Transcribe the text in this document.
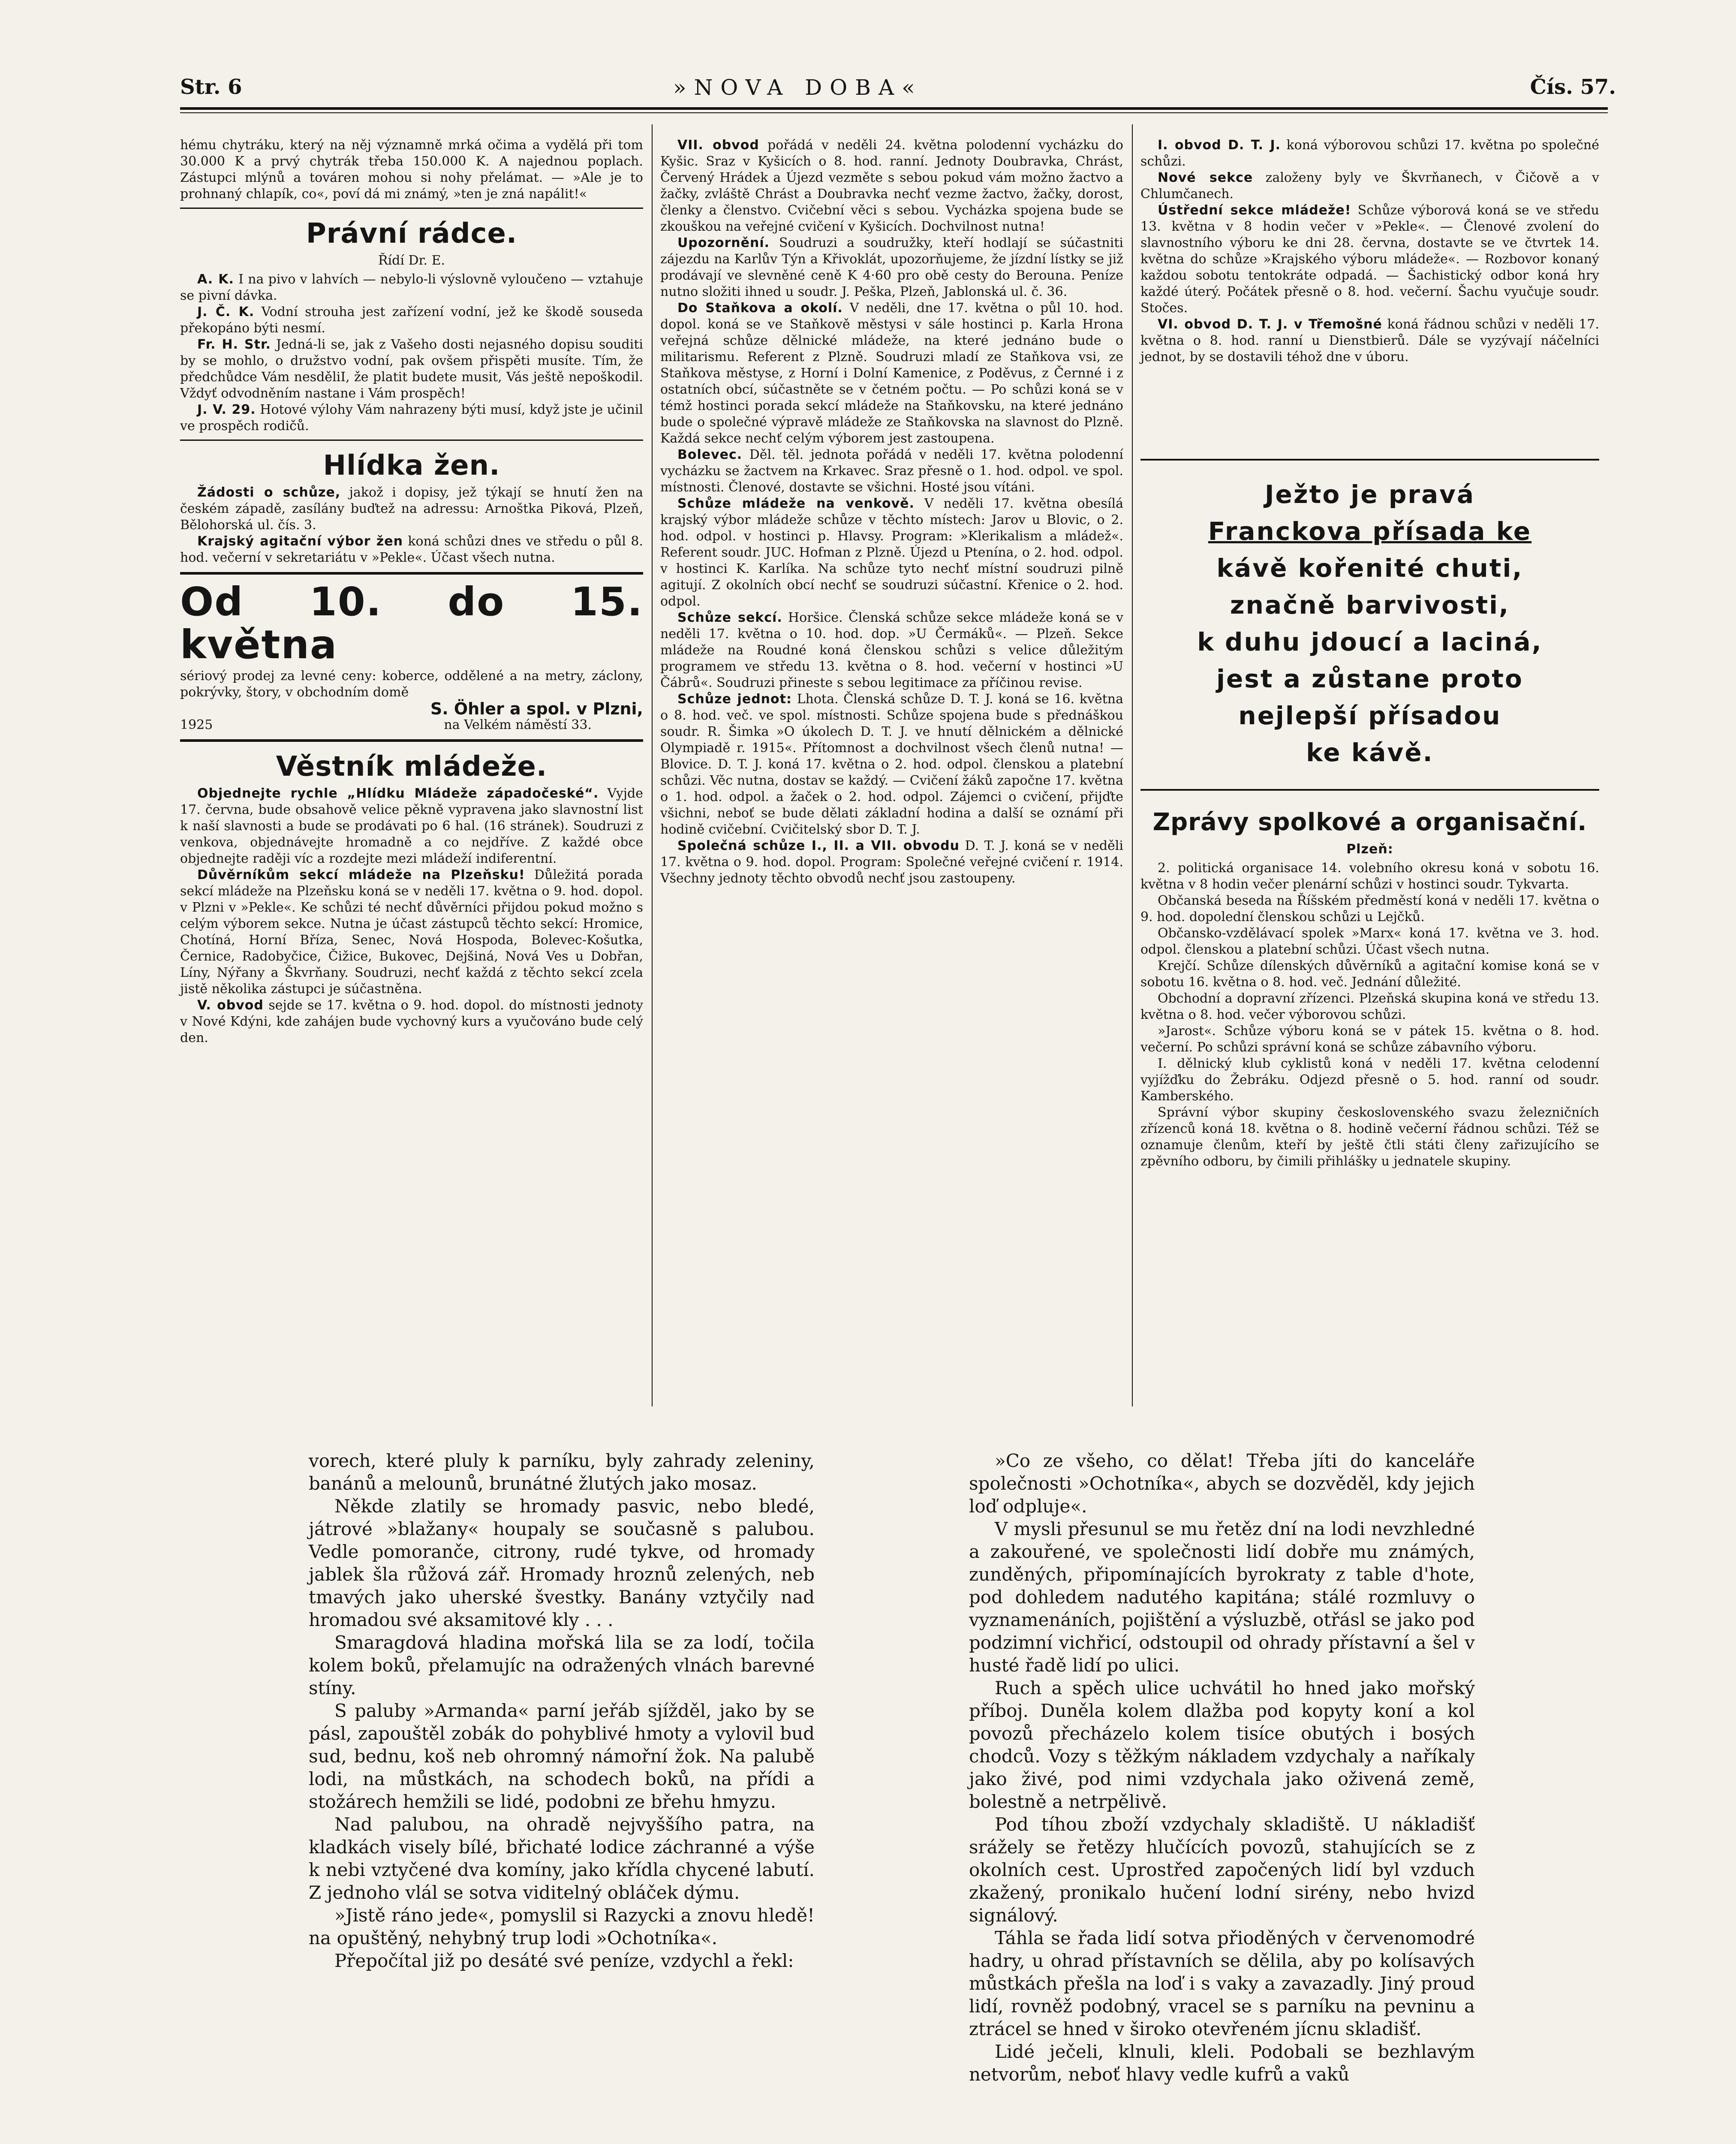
Str. 6	»NOVA DOBA«	Čís. 57.

hému chytráku, který na něj významně mrká očima a vydělá při tom 30.000 K a prvý chytrák třeba 150.000 K. A najednou poplach. Zástupci mlýnů a továren mohou si nohy přelámat. — »Ale je to prohnaný chlapík, co«, poví dá mi známý, »ten je zná napálit!«

Právní rádce.
Řídí Dr. E.

A. K. I na pivo v lahvích — nebylo-li výslovně vyloučeno — vztahuje se pivní dávka.

J. Č. K. Vodní strouha jest zařízení vodní, jež ke škodě souseda překopáno býti nesmí.

Fr. H. Str. Jedná-li se, jak z Vašeho dosti nejasného dopisu souditi by se mohlo, o družstvo vodní, pak ovšem přispěti musíte. Tím, že předchůdce Vám nesděliI, že platit budete musit, Vás ještě nepoškodil. Vždyť odvodněním nastane i Vám prospěch!

J. V. 29. Hotové výlohy Vám nahrazeny býti musí, když jste je učinil ve prospěch rodičů.

Hlídka žen.

Žádosti o schůze, jakož i dopisy, jež týkají se hnutí žen na českém západě, zasílány buďtež na adressu: Arnoštka Piková, Plzeň, Bělohorská ul. čís. 3.

Krajský agitační výbor žen koná schůzi dnes ve středu o půl 8. hod. večerní v sekretariátu v »Pekle«. Účast všech nutna.

Od 10. do 15. května

sériový prodej za levné ceny: koberce, oddělené a na metry, záclony, pokrývky, štory, v obchodním domě

S. Öhler a spol. v Plzni,
1925	na Velkém náměstí 33.
Věstník mládeže.

Objednejte rychle „Hlídku Mládeže západočeské“. Vyjde 17. června, bude obsahově velice pěkně vypravena jako slavnostní list k naší slavnosti a bude se prodávati po 6 hal. (16 stránek). Soudruzi z venkova, objednávejte hromadně a co nejdříve. Z každé obce objednejte raději víc a rozdejte mezi mládeží indiferentní.

Důvěrníkům sekcí mládeže na Plzeňsku! Důležitá porada sekcí mládeže na Plzeňsku koná se v neděli 17. května o 9. hod. dopol. v Plzni v »Pekle«. Ke schůzi té nechť důvěrníci přijdou pokud možno s celým výborem sekce. Nutna je účast zástupců těchto sekcí: Hromice, Chotíná, Horní Bříza, Senec, Nová Hospoda, Bolevec-Košutka, Černice, Radobyčice, Čižice, Bukovec, Dejšiná, Nová Ves u Dobřan, Líny, Nýřany a Škvrňany. Soudruzi, nechť každá z těchto sekcí zcela jistě několika zástupci je súčastněna.

V. obvod sejde se 17. května o 9. hod. dopol. do místnosti jednoty v Nové Kdýni, kde zahájen bude vychovný kurs a vyučováno bude celý den.

VII. obvod pořádá v neděli 24. května polodenní vycházku do Kyšic. Sraz v Kyšicích o 8. hod. ranní. Jednoty Doubravka, Chrást, Červený Hrádek a Újezd vezměte s sebou pokud vám možno žactvo a žačky, zvláště Chrást a Doubravka nechť vezme žactvo, žačky, dorost, členky a členstvo. Cvičební věci s sebou. Vycházka spojena bude se zkouškou na veřejné cvičení v Kyšicích. Dochvilnost nutna!

Upozornění. Soudruzi a soudružky, kteří hodlají se súčastniti zájezdu na Karlův Týn a Křivoklát, upozorňujeme, že jízdní lístky se již prodávají ve slevněné ceně K 4·60 pro obě cesty do Berouna. Peníze nutno složiti ihned u soudr. J. Peška, Plzeň, Jablonská ul. č. 36.

Do Staňkova a okolí. V neděli, dne 17. května o půl 10. hod. dopol. koná se ve Staňkově městysi v sále hostinci p. Karla Hrona veřejná schůze dělnické mládeže, na které jednáno bude o militarismu. Referent z Plzně. Soudruzi mladí ze Staňkova vsi, ze Staňkova městyse, z Horní i Dolní Kamenice, z Poděvus, z Černné i z ostatních obcí, súčastněte se v četném počtu. — Po schůzi koná se v témž hostinci porada sekcí mládeže na Staňkovsku, na které jednáno bude o společné výpravě mládeže ze Staňkovska na slavnost do Plzně. Každá sekce nechť celým výborem jest zastoupena.

Bolevec. Děl. těl. jednota pořádá v neděli 17. května polodenní vycházku se žactvem na Krkavec. Sraz přesně o 1. hod. odpol. ve spol. místnosti. Členové, dostavte se všichni. Hosté jsou vítáni.

Schůze mládeže na venkově. V neděli 17. května obesílá krajský výbor mládeže schůze v těchto místech: Jarov u Blovic, o 2. hod. odpol. v hostinci p. Hlavsy. Program: »Klerikalism a mládež«. Referent soudr. JUC. Hofman z Plzně. Újezd u Ptenína, o 2. hod. odpol. v hostinci K. Karlíka. Na schůze tyto nechť místní soudruzi pilně agitují. Z okolních obcí nechť se soudruzi súčastní. Křenice o 2. hod. odpol.

Schůze sekcí. Horšice. Členská schůze sekce mládeže koná se v neděli 17. května o 10. hod. dop. »U Čermáků«. — Plzeň. Sekce mládeže na Roudné koná členskou schůzi s velice důležitým programem ve středu 13. května o 8. hod. večerní v hostinci »U Čábrů«. Soudruzi přineste s sebou legitimace za příčinou revise.

Schůze jednot: Lhota. Členská schůze D. T. J. koná se 16. května o 8. hod. več. ve spol. místnosti. Schůze spojena bude s přednáškou soudr. R. Šimka »O úkolech D. T. J. ve hnutí dělnickém a dělnické Olympiadě r. 1915«. Přítomnost a dochvilnost všech členů nutna! — Blovice. D. T. J. koná 17. května o 2. hod. odpol. členskou a platební schůzi. Věc nutna, dostav se každý. — Cvičení žáků započne 17. května o 1. hod. odpol. a žaček o 2. hod. odpol. Zájemci o cvičení, přijďte všichni, neboť se bude dělati základní hodina a další se oznámí při hodině cvičební. Cvičitelský sbor D. T. J.

Společná schůze I., II. a VII. obvodu D. T. J. koná se v neděli 17. května o 9. hod. dopol. Program: Společné veřejné cvičení r. 1914. Všechny jednoty těchto obvodů nechť jsou zastoupeny.

I. obvod D. T. J. koná výborovou schůzi 17. května po společné schůzi.

Nové sekce založeny byly ve Škvrňanech, v Čičově a v Chlumčanech.

Ústřední sekce mládeže! Schůze výborová koná se ve středu 13. května v 8 hodin večer v »Pekle«. — Členové zvolení do slavnostního výboru ke dni 28. června, dostavte se ve čtvrtek 14. května do schůze »Krajského výboru mládeže«. — Rozbovor konaný každou sobotu tentokráte odpadá. — Šachistický odbor koná hry každé úterý. Počátek přesně o 8. hod. večerní. Šachu vyučuje soudr. Stočes.

VI. obvod D. T. J. v Třemošné koná řádnou schůzi v neděli 17. května o 8. hod. ranní u Dienstbierů. Dále se vyzývají náčelníci jednot, by se dostavili téhož dne v úboru.

Ježto je pravá
Franckova přísada ke
kávě kořenité chuti,
značně barvivosti,
k duhu jdoucí a laciná,
jest a zůstane proto
nejlepší přísadou
ke kávě.
Zprávy spolkové a organisační.
Plzeň:

2. politická organisace 14. volebního okresu koná v sobotu 16. května v 8 hodin večer plenární schůzi v hostinci soudr. Tykvarta.

Občanská beseda na Říšském předměstí koná v neděli 17. května o 9. hod. dopolední členskou schůzi u Lejčků.

Občansko-vzdělávací spolek »Marx« koná 17. května ve 3. hod. odpol. členskou a platební schůzi. Účast všech nutna.

Krejčí. Schůze dílenských důvěrníků a agitační komise koná se v sobotu 16. května o 8. hod. več. Jednání důležité.

Obchodní a dopravní zřízenci. Plzeňská skupina koná ve středu 13. května o 8. hod. večer výborovou schůzi.

»Jarost«. Schůze výboru koná se v pátek 15. května o 8. hod. večerní. Po schůzi správní koná se schůze zábavního výboru.

I. dělnický klub cyklistů koná v neděli 17. května celodenní vyjížďku do Žebráku. Odjezd přesně o 5. hod. ranní od soudr. Kamberského.

Správní výbor skupiny československého svazu železničních zřízenců koná 18. května o 8. hodině večerní řádnou schůzi. Též se oznamuje členům, kteří by ještě čtli státi členy zařizujícího se zpěvního odboru, by čimili přihlášky u jednatele skupiny.

vorech, které pluly k parníku, byly zahrady zeleniny, banánů a melounů, brunátné žlutých jako mosaz.

Někde zlatily se hromady pasvic, nebo bledé, játrové »blažany« houpaly se současně s palubou. Vedle pomoranče, citrony, rudé tykve, od hromady jablek šla růžová zář. Hromady hroznů zelených, neb tmavých jako uherské švestky. Banány vztyčily nad hromadou své aksamitové kly . . .

Smaragdová hladina mořská lila se za lodí, točila kolem boků, přelamujíc na odražených vlnách barevné stíny.

S paluby »Armanda« parní jeřáb sjížděl, jako by se pásl, zapouštěl zobák do pohyblivé hmoty a vylovil bud sud, bednu, koš neb ohromný námořní žok. Na palubě lodi, na můstkách, na schodech boků, na přídi a stožárech hemžili se lidé, podobni ze břehu hmyzu.

Nad palubou, na ohradě nejvyššího patra, na kladkách visely bílé, břichaté lodice záchranné a výše k nebi vztyčené dva komíny, jako křídla chycené labutí. Z jednoho vlál se sotva viditelný obláček dýmu.

»Jistě ráno jede«, pomyslil si Razycki a znovu hledě! na opuštěný, nehybný trup lodi »Ochotníka«.

Přepočítal již po desáté své peníze, vzdychl a řekl:

»Co ze všeho, co dělat! Třeba jíti do kanceláře společnosti »Ochotníka«, abych se dozvěděl, kdy jejich loď odpluje«.

V mysli přesunul se mu řetěz dní na lodi nevzhledné a zakouřené, ve společnosti lidí dobře mu známých, zunděných, připomínajících byrokraty z table d'hote, pod dohledem nadutého kapitána; stálé rozmluvy o vyznamenáních, pojištění a výsluzbě, otřásl se jako pod podzimní vichřicí, odstoupil od ohrady přístavní a šel v husté řadě lidí po ulici.

Ruch a spěch ulice uchvátil ho hned jako mořský příboj. Duněla kolem dlažba pod kopyty koní a kol povozů přecházelo kolem tisíce obutých i bosých chodců. Vozy s těžkým nákladem vzdychaly a naříkaly jako živé, pod nimi vzdychala jako oživená země, bolestně a netrpělivě.

Pod tíhou zboží vzdychaly skladiště. U nákladišť srážely se řetězy hlučících povozů, stahujících se z okolních cest. Uprostřed započených lidí byl vzduch zkažený, pronikalo hučení lodní sirény, nebo hvizd signálový.

Táhla se řada lidí sotva přioděných v červenomodré hadry, u ohrad přístavních se dělila, aby po kolísavých můstkách přešla na loď i s vaky a zavazadly. Jiný proud lidí, rovněž podobný, vracel se s parníku na pevninu a ztrácel se hned v široko otevřeném jícnu skladišť.

Lidé ječeli, klnuli, kleli. Podobali se bezhlavým netvorům, neboť hlavy vedle kufrů a vaků
